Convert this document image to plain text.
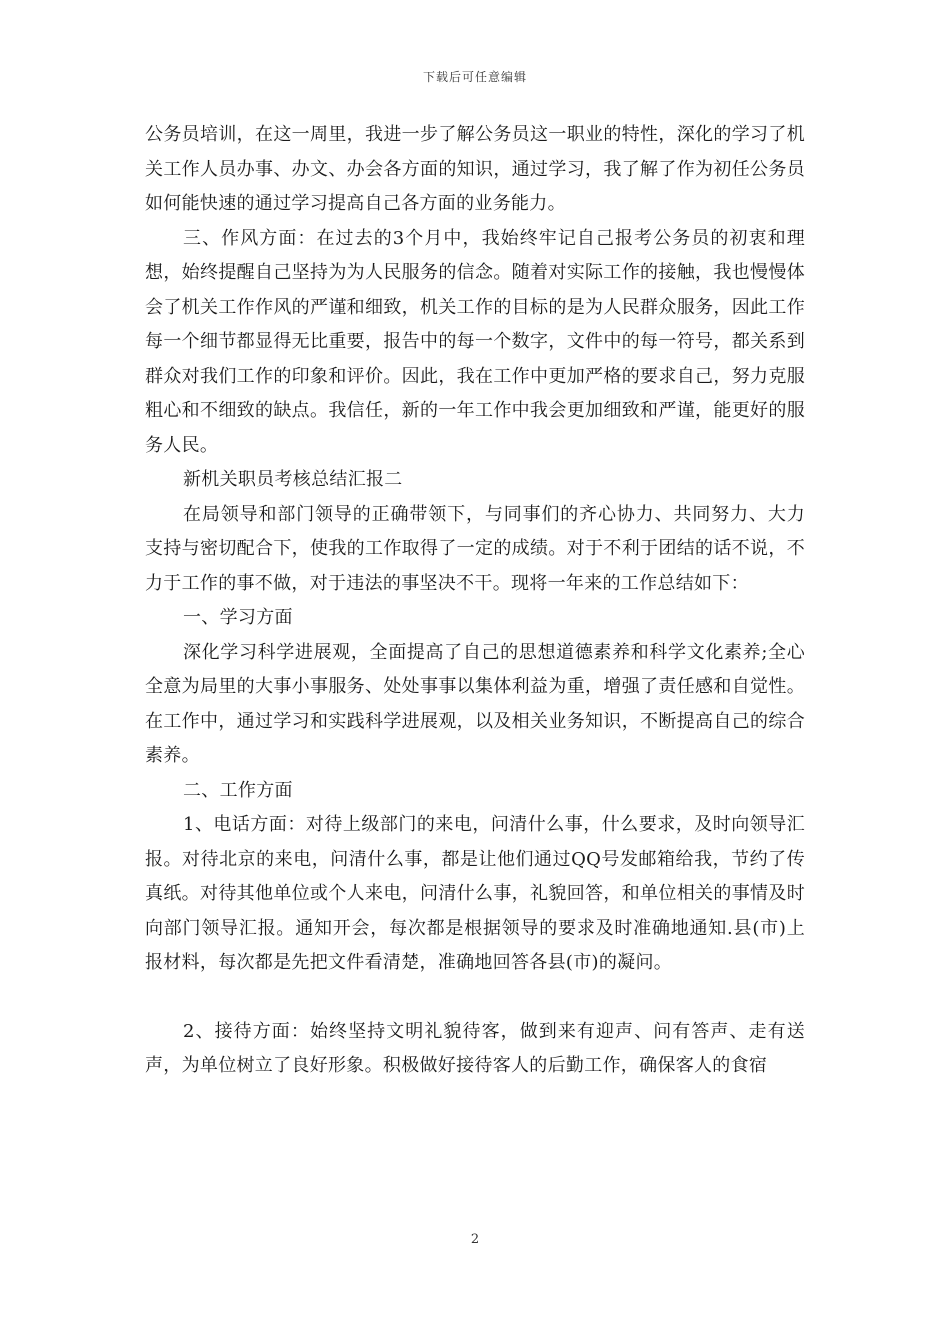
下载后可任意编辑

公务员培训，在这一周里，我进一步了解公务员这一职业的特性，深化的学习了机关工作人员办事、办文、办会各方面的知识，通过学习，我了解了作为初任公务员如何能快速的通过学习提高自己各方面的业务能力。

三、作风方面：在过去的3个月中，我始终牢记自己报考公务员的初衷和理想，始终提醒自己坚持为为人民服务的信念。随着对实际工作的接触，我也慢慢体会了机关工作作风的严谨和细致，机关工作的目标的是为人民群众服务，因此工作每一个细节都显得无比重要，报告中的每一个数字，文件中的每一符号，都关系到群众对我们工作的印象和评价。因此，我在工作中更加严格的要求自己，努力克服粗心和不细致的缺点。我信任，新的一年工作中我会更加细致和严谨，能更好的服务人民。

新机关职员考核总结汇报二

在局领导和部门领导的正确带领下，与同事们的齐心协力、共同努力、大力支持与密切配合下，使我的工作取得了一定的成绩。对于不利于团结的话不说，不力于工作的事不做，对于违法的事坚决不干。现将一年来的工作总结如下：

一、学习方面

深化学习科学进展观，全面提高了自己的思想道德素养和科学文化素养;全心全意为局里的大事小事服务、处处事事以集体利益为重，增强了责任感和自觉性。在工作中，通过学习和实践科学进展观，以及相关业务知识，不断提高自己的综合素养。

二、工作方面

1、电话方面：对待上级部门的来电，问清什么事，什么要求，及时向领导汇报。对待北京的来电，问清什么事，都是让他们通过QQ号发邮箱给我，节约了传真纸。对待其他单位或个人来电，问清什么事，礼貌回答，和单位相关的事情及时向部门领导汇报。通知开会，每次都是根据领导的要求及时准确地通知.县(市)上报材料，每次都是先把文件看清楚，准确地回答各县(市)的凝问。

2、接待方面：始终坚持文明礼貌待客，做到来有迎声、问有答声、走有送声，为单位树立了良好形象。积极做好接待客人的后勤工作，确保客人的食宿

2
